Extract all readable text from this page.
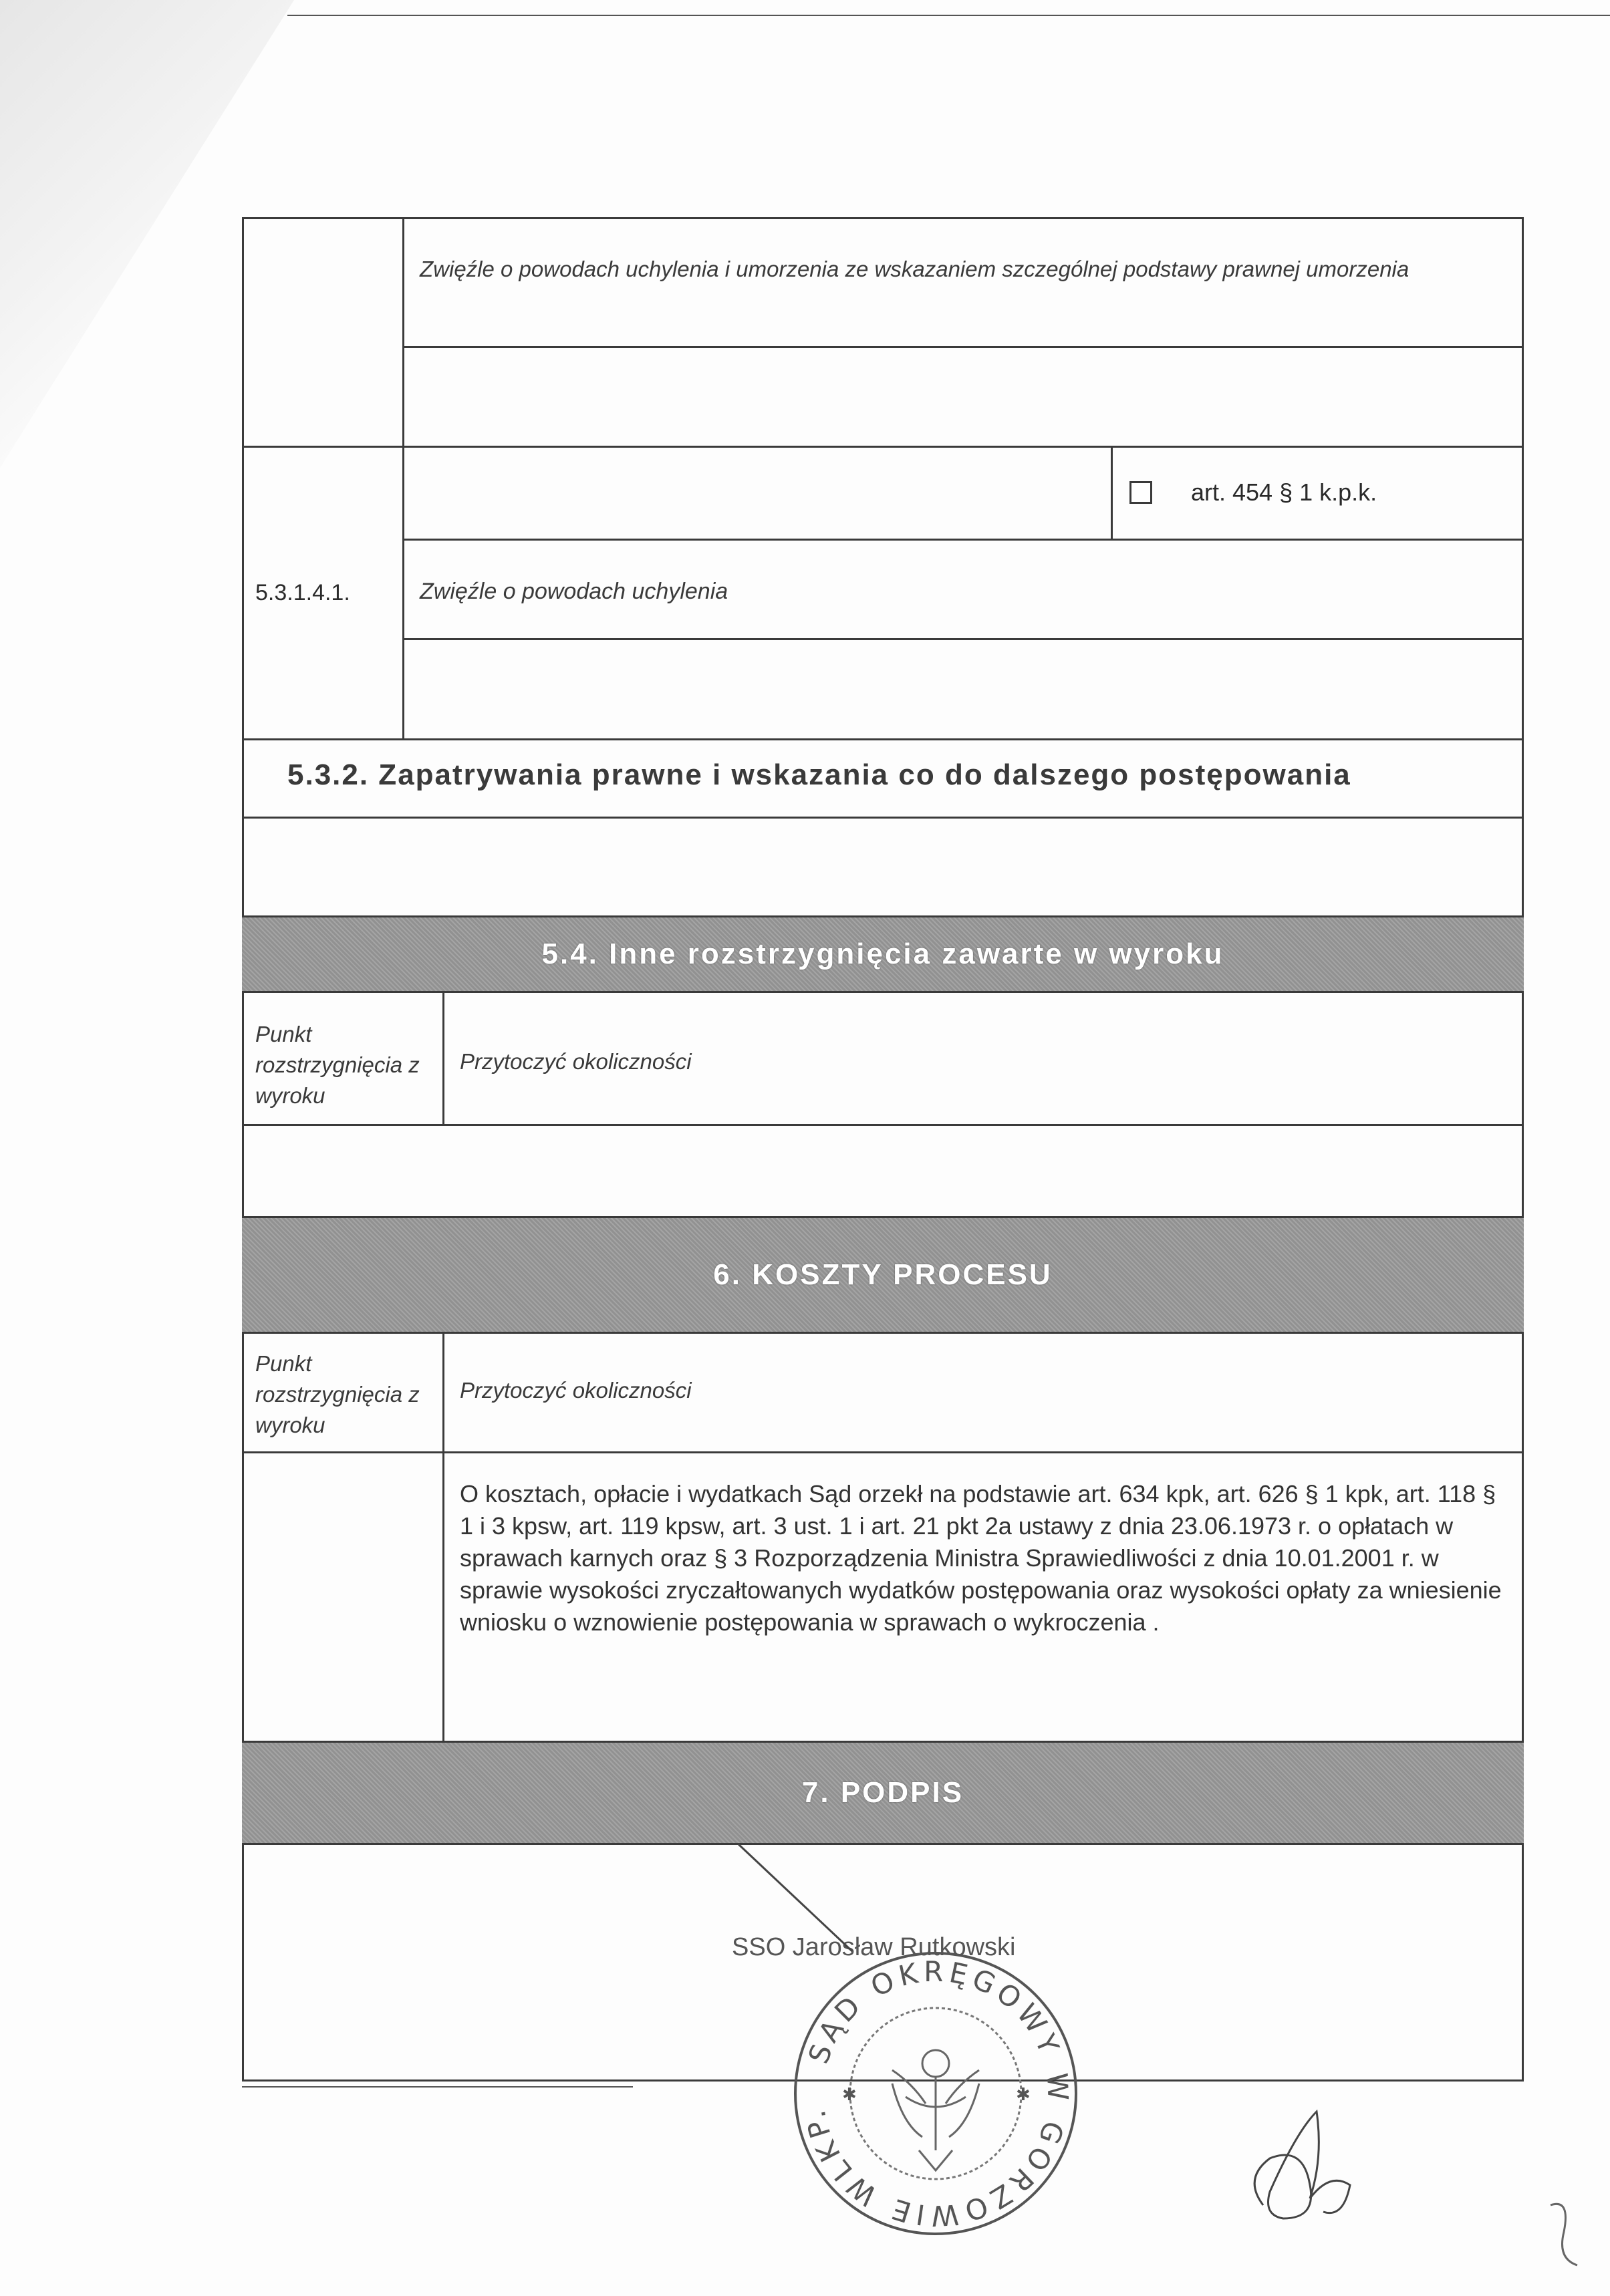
Zwięźle o powodach uchylenia i umorzenia ze wskazaniem szczególnej podstawy prawnej umorzenia
art. 454 § 1 k.p.k.
5.3.1.4.1.	Zwięźle o powodach uchylenia
5.3.2. Zapatrywania prawne i wskazania co do dalszego postępowania
5.4. Inne rozstrzygnięcia zawarte w wyroku
Punkt rozstrzygnięcia z wyroku
Przytoczyć okoliczności
6. KOSZTY PROCESU
Punkt rozstrzygnięcia z wyroku
Przytoczyć okoliczności
O kosztach, opłacie i wydatkach Sąd orzekł na podstawie art. 634 kpk, art. 626 § 1 kpk, art. 118 § 1 i 3 kpsw, art. 119 kpsw, art. 3 ust. 1 i art. 21 pkt 2a ustawy z dnia 23.06.1973 r. o opłatach w sprawach karnych oraz § 3 Rozporządzenia Ministra Sprawiedliwości z dnia 10.01.2001 r. w sprawie wysokości zryczałtowanych wydatków postępowania oraz wysokości opłaty za wniesienie wniosku o wznowienie postępowania w sprawach o wykroczenia .
7. PODPIS
SSO Jarosław Rutkowski
SĄD OKRĘGOWY W GORZOWIE WLKP.
✱	✱
